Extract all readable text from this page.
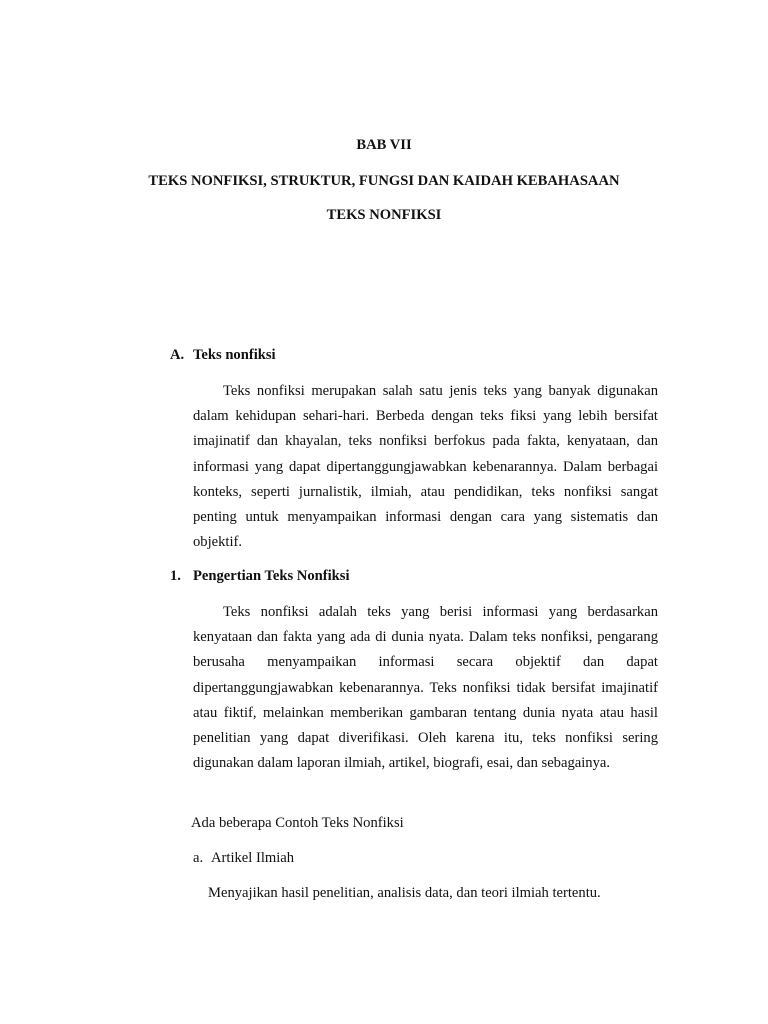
BAB VII
TEKS NONFIKSI, STRUKTUR, FUNGSI DAN KAIDAH KEBAHASAAN
TEKS NONFIKSI
A. Teks nonfiksi

Teks nonfiksi merupakan salah satu jenis teks yang banyak digunakan dalam kehidupan sehari-hari. Berbeda dengan teks fiksi yang lebih bersifat imajinatif dan khayalan, teks nonfiksi berfokus pada fakta, kenyataan, dan informasi yang dapat dipertanggungjawabkan kebenarannya. Dalam berbagai konteks, seperti jurnalistik, ilmiah, atau pendidikan, teks nonfiksi sangat penting untuk menyampaikan informasi dengan cara yang sistematis dan objektif.

1. Pengertian Teks Nonfiksi

Teks nonfiksi adalah teks yang berisi informasi yang berdasarkan kenyataan dan fakta yang ada di dunia nyata. Dalam teks nonfiksi, pengarang berusaha menyampaikan informasi secara objektif dan dapat dipertanggungjawabkan kebenarannya. Teks nonfiksi tidak bersifat imajinatif atau fiktif, melainkan memberikan gambaran tentang dunia nyata atau hasil penelitian yang dapat diverifikasi. Oleh karena itu, teks nonfiksi sering digunakan dalam laporan ilmiah, artikel, biografi, esai, dan sebagainya.

Ada beberapa Contoh Teks Nonfiksi
a. Artikel Ilmiah
Menyajikan hasil penelitian, analisis data, dan teori ilmiah tertentu.
